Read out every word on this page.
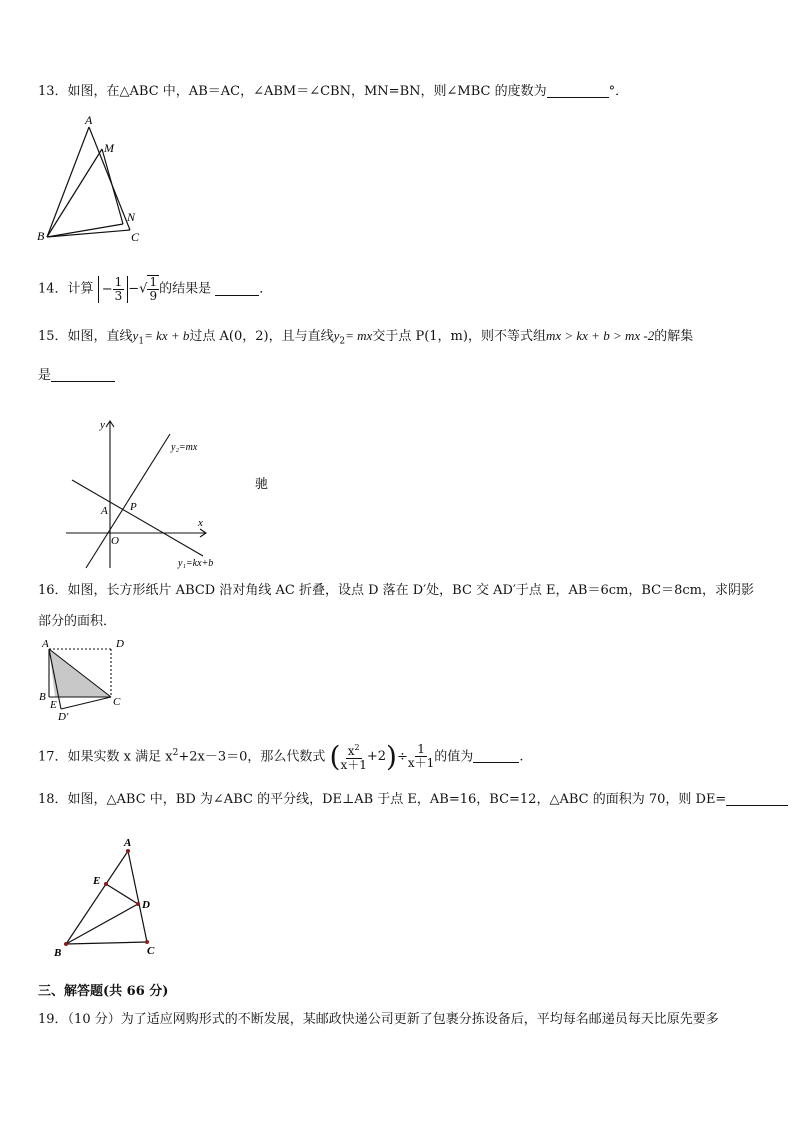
13．如图，在△ABC 中，AB＝AC，∠ABM＝∠CBN，MN=BN，则∠MBC 的度数为	°．
A
M
N
B	C
14．计算 − $\frac{1}{3}$ −√ $\frac{1}{9}$ 的结果是	．
15．如图，直线$y_1=$ kx + b过点 A(0，2)，且与直线$y_2=$ mx交于点 P(1，m)，则不等式组mx > kx + b > mx -2的解集
是
y
x
A P
O
y₂=mx
y₁=kx+b
驰
16．如图，长方形纸片 ABCD 沿对角线 AC 折叠，设点 D 落在 D′处，BC 交 AD′于点 E，AB＝6cm，BC＝8cm，求阴影
部分的面积．
A	D
B	C
E
D′
17．如果实数 x 满足 $x^2+2x-3=0$，那么代数式 ( $\frac{x^2}{x+1} +2$ )÷ $\frac{1}{x+1}$ 的值为	.
18．如图，△ABC 中，BD 为∠ABC 的平分线，DE⊥AB 于点 E，AB=16，BC=12，△ABC 的面积为 70，则 DE=
A
E
D
B	C
三、解答题(共 66 分)
19．（10 分）为了适应网购形式的不断发展，某邮政快递公司更新了包裹分拣设备后，平均每名邮递员每天比原先要多
